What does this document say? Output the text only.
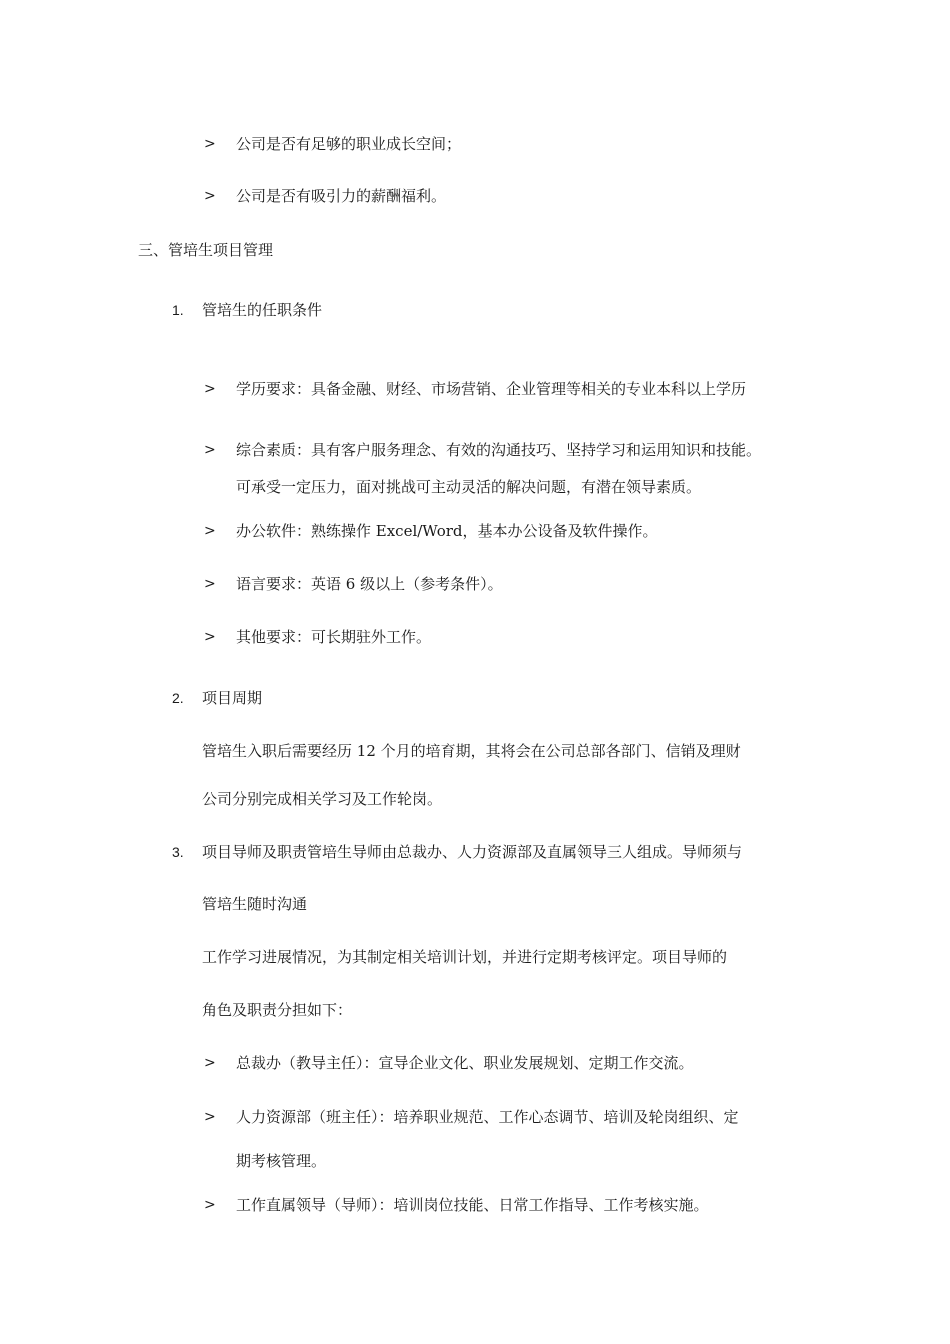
> 公司是否有足够的职业成长空间；
> 公司是否有吸引力的薪酬福利。
三、管培生项目管理
1. 管培生的任职条件
> 学历要求：具备金融、财经、市场营销、企业管理等相关的专业本科以上学历
> 综合素质：具有客户服务理念、有效的沟通技巧、坚持学习和运用知识和技能。
可承受一定压力，面对挑战可主动灵活的解决问题，有潜在领导素质。
> 办公软件：熟练操作 Excel/Word，基本办公设备及软件操作。
> 语言要求：英语 6 级以上（参考条件）。
> 其他要求：可长期驻外工作。
2. 项目周期
管培生入职后需要经历 12 个月的培育期，其将会在公司总部各部门、信销及理财
公司分别完成相关学习及工作轮岗。
3. 项目导师及职责管培生导师由总裁办、人力资源部及直属领导三人组成。导师须与
管培生随时沟通
工作学习进展情况，为其制定相关培训计划，并进行定期考核评定。项目导师的
角色及职责分担如下：
> 总裁办（教导主任）：宣导企业文化、职业发展规划、定期工作交流。
> 人力资源部（班主任）：培养职业规范、工作心态调节、培训及轮岗组织、定
期考核管理。
> 工作直属领导（导师）：培训岗位技能、日常工作指导、工作考核实施。
